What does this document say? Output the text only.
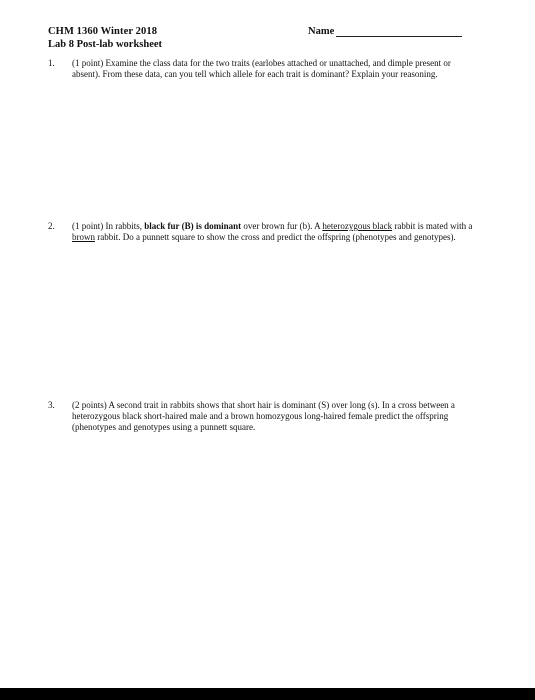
CHM 1360 Winter 2018
Lab 8 Post-lab worksheet
Name
1.	(1 point) Examine the class data for the two traits (earlobes attached or unattached, and dimple present or absent). From these data, can you tell which allele for each trait is dominant? Explain your reasoning.
2.	(1 point) In rabbits, black fur (B) is dominant over brown fur (b). A heterozygous black rabbit is mated with a brown rabbit. Do a punnett square to show the cross and predict the offspring (phenotypes and genotypes).
3.	(2 points) A second trait in rabbits shows that short hair is dominant (S) over long (s). In a cross between a heterozygous black short-haired male and a brown homozygous long-haired female predict the offspring (phenotypes and genotypes using a punnett square.
